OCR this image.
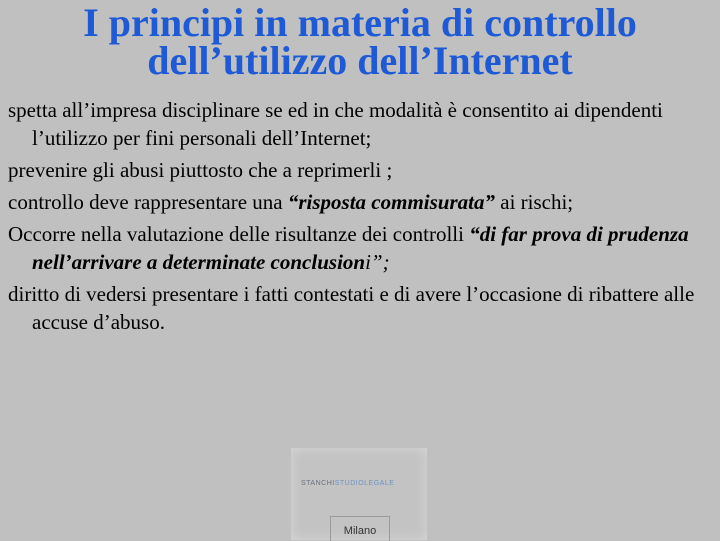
I principi in materia di controllo
dell’utilizzo dell’Internet

spetta all’impresa disciplinare se ed in che modalità è consentito ai dipendenti l’utilizzo per fini personali dell’Internet;

prevenire gli abusi piuttosto che a reprimerli ;

controllo deve rappresentare una “risposta commisurata” ai rischi;

Occorre nella valutazione delle risultanze dei controlli “di far prova di prudenza nell’arrivare a determinate conclusioni”;

diritto di vedersi presentare i fatti contestati e di avere l’occasione di ribattere alle accuse d’abuso.

STANCHISTUDIOLEGALE
Milano
